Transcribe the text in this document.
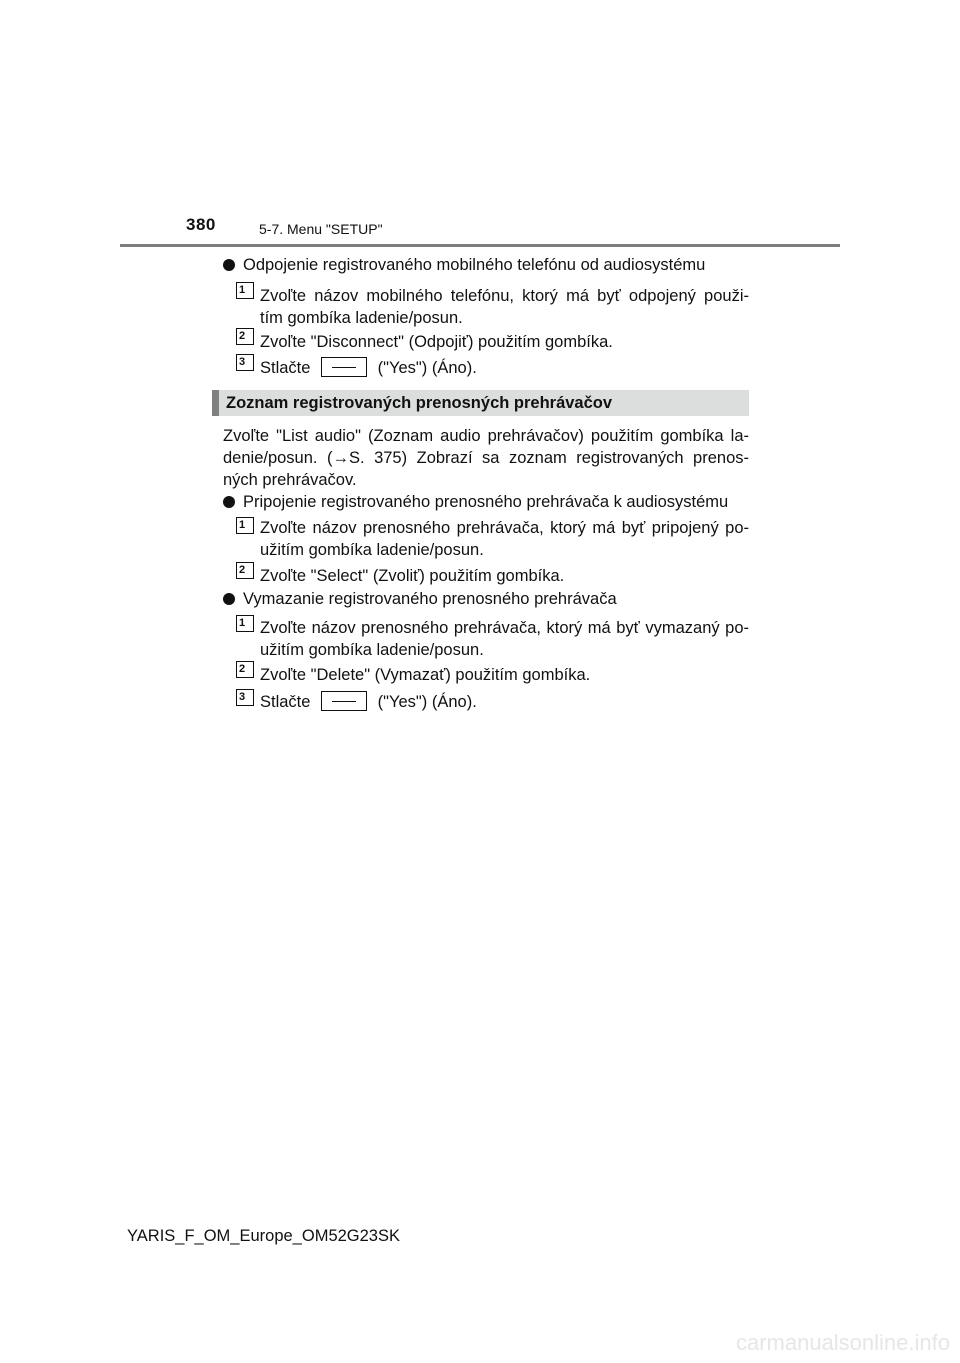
380	5-7. Menu "SETUP"
Odpojenie registrovaného mobilného telefónu od audiosystému
1 Zvoľte názov mobilného telefónu, ktorý má byť odpojený použi-
tím gombíka ladenie/posun.
2 Zvoľte "Disconnect" (Odpojiť) použitím gombíka.
3 Stlačte	("Yes") (Áno).
Zoznam registrovaných prenosných prehrávačov
Zvoľte "List audio" (Zoznam audio prehrávačov) použitím gombíka la-
denie/posun. (→S. 375) Zobrazí sa zoznam registrovaných prenos-
ných prehrávačov.
Pripojenie registrovaného prenosného prehrávača k audiosystému
1 Zvoľte názov prenosného prehrávača, ktorý má byť pripojený po-
užitím gombíka ladenie/posun.
2 Zvoľte "Select" (Zvoliť) použitím gombíka.
Vymazanie registrovaného prenosného prehrávača
1 Zvoľte názov prenosného prehrávača, ktorý má byť vymazaný po-
užitím gombíka ladenie/posun.
2 Zvoľte "Delete" (Vymazať) použitím gombíka.
3 Stlačte	("Yes") (Áno).
YARIS_F_OM_Europe_OM52G23SK
carmanualsonline.info
